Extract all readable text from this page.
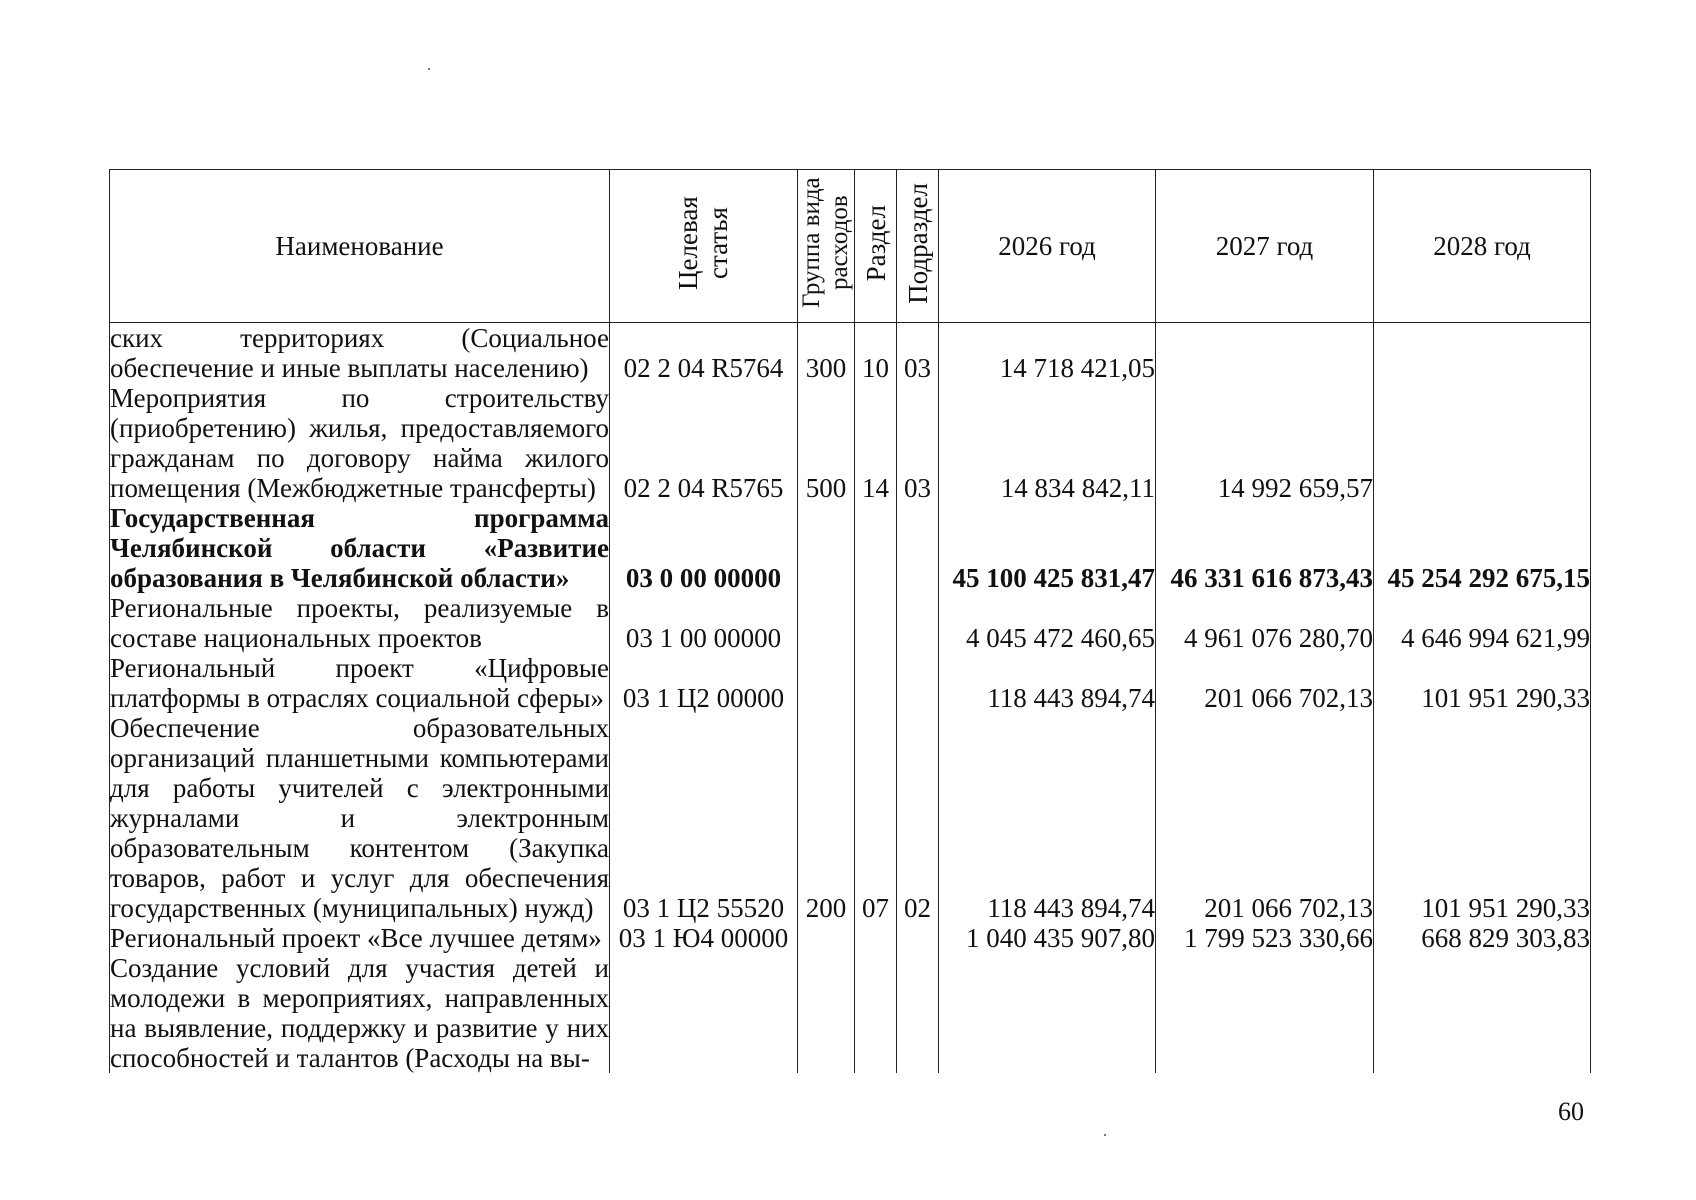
Наименование	Целевая статья	Группа вида расходов	Раздел	Подраздел	2026 год	2027 год	2028 год
ских территориях (Социальное обеспечение и иные выплаты населению)	02 2 04 R5764	300	10	03	14 718 421,05		
Мероприятия по строительству (приобретению) жилья, предоставляемого гражданам по договору найма жилого помещения (Межбюджетные трансферты)	02 2 04 R5765	500	14	03	14 834 842,11	14 992 659,57	
Государственная программа Челябинской области «Развитие образования в Челябинской области»	03 0 00 00000				45 100 425 831,47	46 331 616 873,43	45 254 292 675,15
Региональные проекты, реализуемые в составе национальных проектов	03 1 00 00000				4 045 472 460,65	4 961 076 280,70	4 646 994 621,99
Региональный проект «Цифровые платформы в отраслях социальной сферы»	03 1 Ц2 00000				118 443 894,74	201 066 702,13	101 951 290,33
Обеспечение образовательных организаций планшетными компьютерами для работы учителей с электронными журналами и электронным образовательным контентом (Закупка товаров, работ и услуг для обеспечения государственных (муниципальных) нужд)	03 1 Ц2 55520	200	07	02	118 443 894,74	201 066 702,13	101 951 290,33
Региональный проект «Все лучшее детям»	03 1 Ю4 00000				1 040 435 907,80	1 799 523 330,66	668 829 303,83
Создание условий для участия детей и молодежи в мероприятиях, направленных на выявление, поддержку и развитие у них способностей и талантов (Расходы на вы-							
60
